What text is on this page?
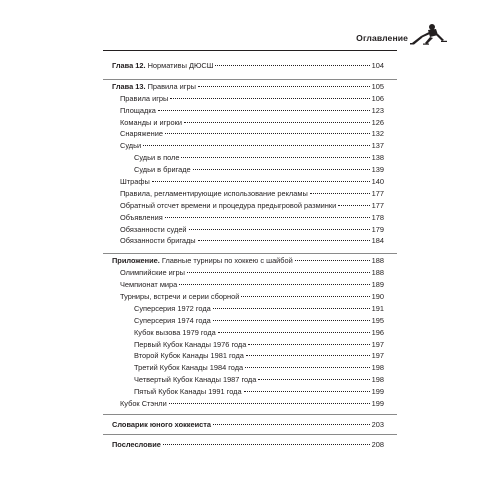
Оглавление
Глава 12. Нормативы ДЮСШ	104
Глава 13. Правила игры	105
Правила игры	106
Площадка	123
Команды и игроки	126
Снаряжение	132
Судьи	137
Судьи в поле	138
Судьи в бригаде	139
Штрафы	140
Правила, регламентирующие использование рекламы	177
Обратный отсчет времени и процедура предыгровой разминки	177
Объявления	178
Обязанности судей	179
Обязанности бригады	184
Приложение. Главные турниры по хоккею с шайбой	188
Олимпийские игры	188
Чемпионат мира	189
Турниры, встречи и серии сборной	190
Суперсерия 1972 года	191
Суперсерия 1974 года	195
Кубок вызова 1979 года	196
Первый Кубок Канады 1976 года	197
Второй Кубок Канады 1981 года	197
Третий Кубок Канады 1984 года	198
Четвертый Кубок Канады 1987 года	198
Пятый Кубок Канады 1991 года	199
Кубок Стэнли	199
Словарик юного хоккеиста	203
Послесловие	208
